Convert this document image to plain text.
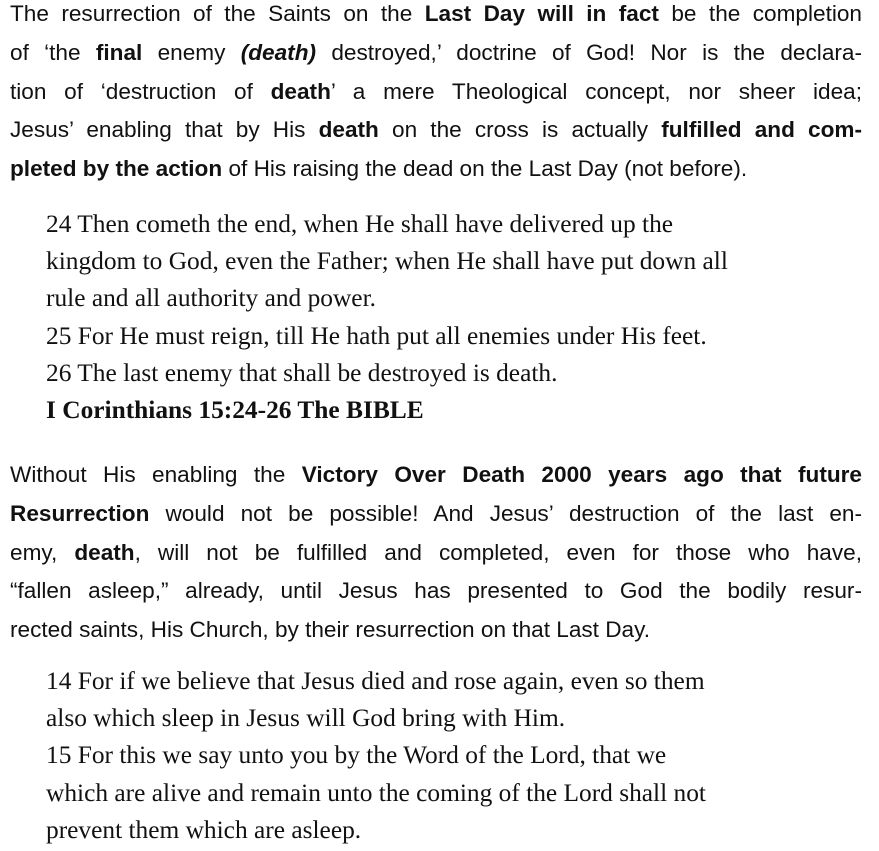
The resurrection of the Saints on the Last Day will in fact be the completion
of ‘the final enemy (death) destroyed,’ doctrine of God! Nor is the declara-
tion of ‘destruction of death’ a mere Theological concept, nor sheer idea;
Jesus’ enabling that by His death on the cross is actually fulfilled and com-
pleted by the action of His raising the dead on the Last Day (not before).
24 Then cometh the end, when He shall have delivered up the
kingdom to God, even the Father; when He shall have put down all
rule and all authority and power.
25 For He must reign, till He hath put all enemies under His feet.
26 The last enemy that shall be destroyed is death.
I Corinthians 15:24-26 The BIBLE
Without His enabling the Victory Over Death 2000 years ago that future
Resurrection would not be possible! And Jesus’ destruction of the last en-
emy, death, will not be fulfilled and completed, even for those who have,
“fallen asleep,” already, until Jesus has presented to God the bodily resur-
rected saints, His Church, by their resurrection on that Last Day.
14 For if we believe that Jesus died and rose again, even so them
also which sleep in Jesus will God bring with Him.
15 For this we say unto you by the Word of the Lord, that we
which are alive and remain unto the coming of the Lord shall not
prevent them which are asleep.
